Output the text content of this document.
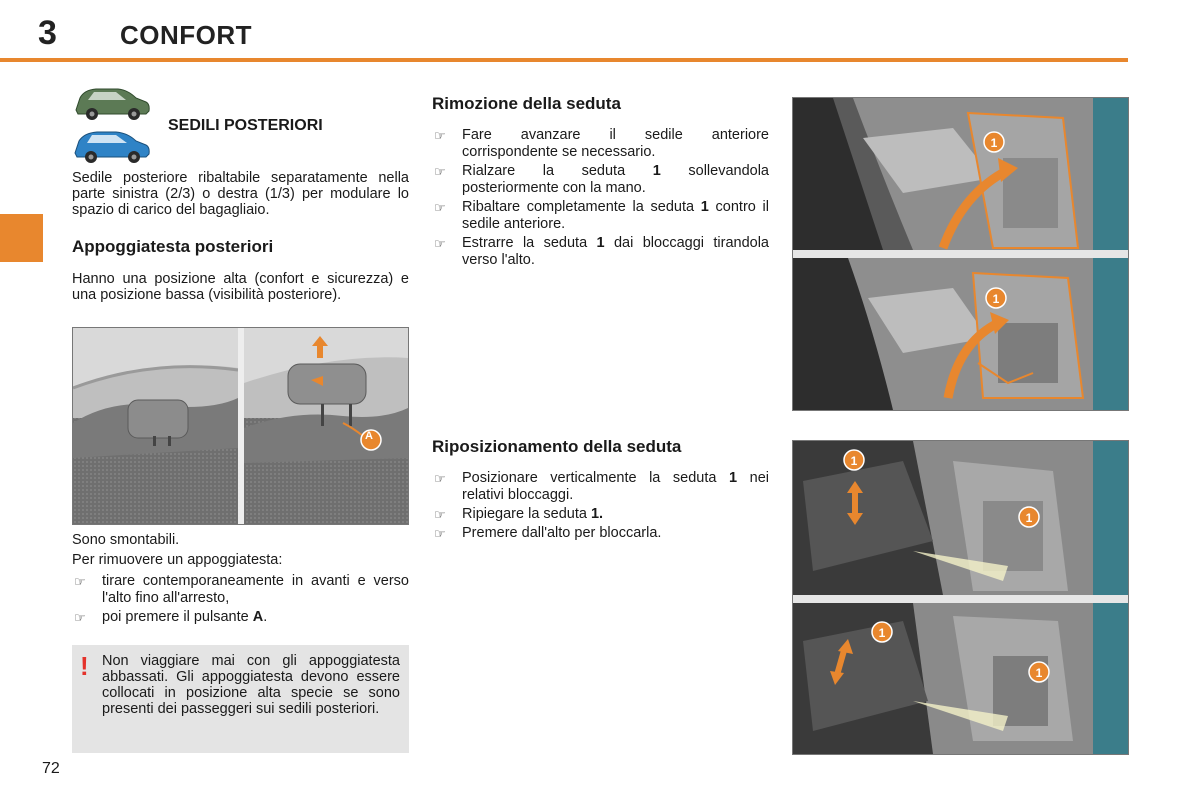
3 CONFORT
SEDILI POSTERIORI
Sedile posteriore ribaltabile separatamente nella parte sinistra (2/3) o destra (1/3) per modulare lo spazio di carico del bagagliaio.
Appoggiatesta posteriori
Hanno una posizione alta (confort e sicurezza) e una posizione bassa (visibilità posteriore).
A
Sono smontabili.
Per rimuovere un appoggiatesta:
☞ tirare contemporaneamente in avanti e verso l'alto fino all'arresto,
☞ poi premere il pulsante A.
! Non viaggiare mai con gli appoggiatesta abbassati. Gli appoggiatesta devono essere collocati in posizione alta specie se sono presenti dei passeggeri sui sedili posteriori.
Rimozione della seduta
☞ Fare avanzare il sedile anteriore corrispondente se necessario.
☞ Rialzare la seduta 1 sollevandola posteriormente con la mano.
☞ Ribaltare completamente la seduta 1 contro il sedile anteriore.
☞ Estrarre la seduta 1 dai bloccaggi tirandola verso l'alto.
Riposizionamento della seduta
☞ Posizionare verticalmente la seduta 1 nei relativi bloccaggi.
☞ Ripiegare la seduta 1.
☞ Premere dall'alto per bloccarla.
1
1
1
1
1
1
72
